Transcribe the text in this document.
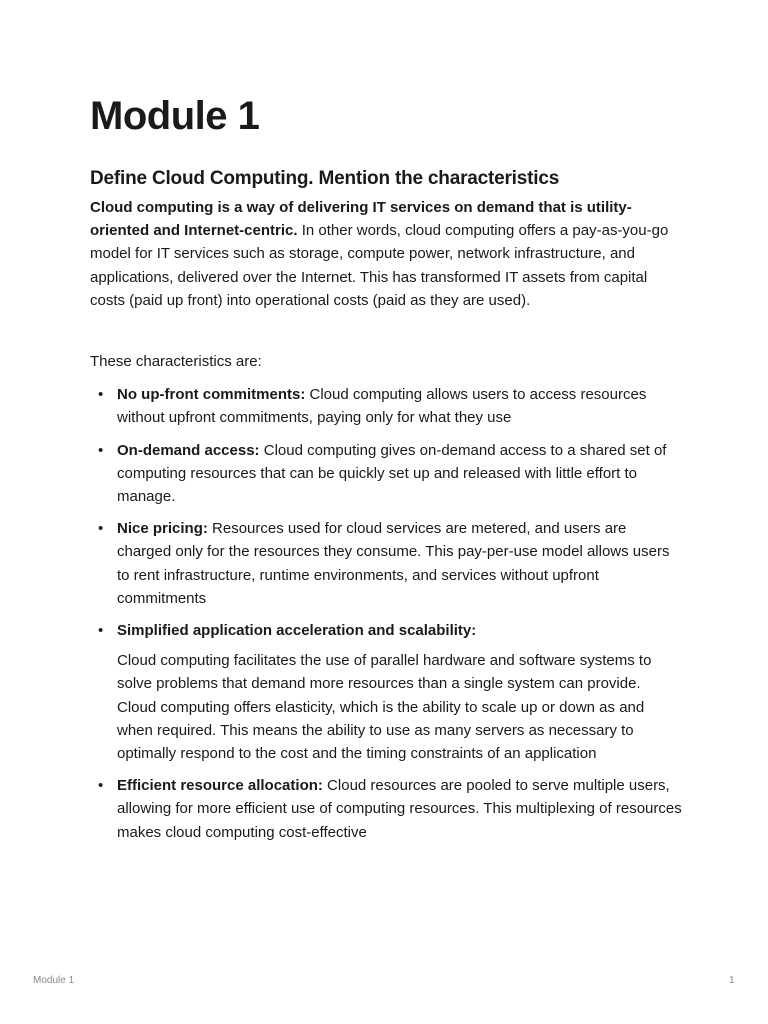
Module 1
Define Cloud Computing. Mention the characteristics

Cloud computing is a way of delivering IT services on demand that is utility-oriented and Internet-centric. In other words, cloud computing offers a pay-as-you-go model for IT services such as storage, compute power, network infrastructure, and applications, delivered over the Internet. This has transformed IT assets from capital costs (paid up front) into operational costs (paid as they are used).

These characteristics are:

• No up-front commitments: Cloud computing allows users to access resources without upfront commitments, paying only for what they use
• On-demand access: Cloud computing gives on-demand access to a shared set of computing resources that can be quickly set up and released with little effort to manage.
• Nice pricing: Resources used for cloud services are metered, and users are charged only for the resources they consume. This pay-per-use model allows users to rent infrastructure, runtime environments, and services without upfront commitments
• Simplified application acceleration and scalability:
Cloud computing facilitates the use of parallel hardware and software systems to solve problems that demand more resources than a single system can provide.
Cloud computing offers elasticity, which is the ability to scale up or down as and when required. This means the ability to use as many servers as necessary to optimally respond to the cost and the timing constraints of an application
• Efficient resource allocation: Cloud resources are pooled to serve multiple users, allowing for more efficient use of computing resources. This multiplexing of resources makes cloud computing cost-effective
Module 1	1
